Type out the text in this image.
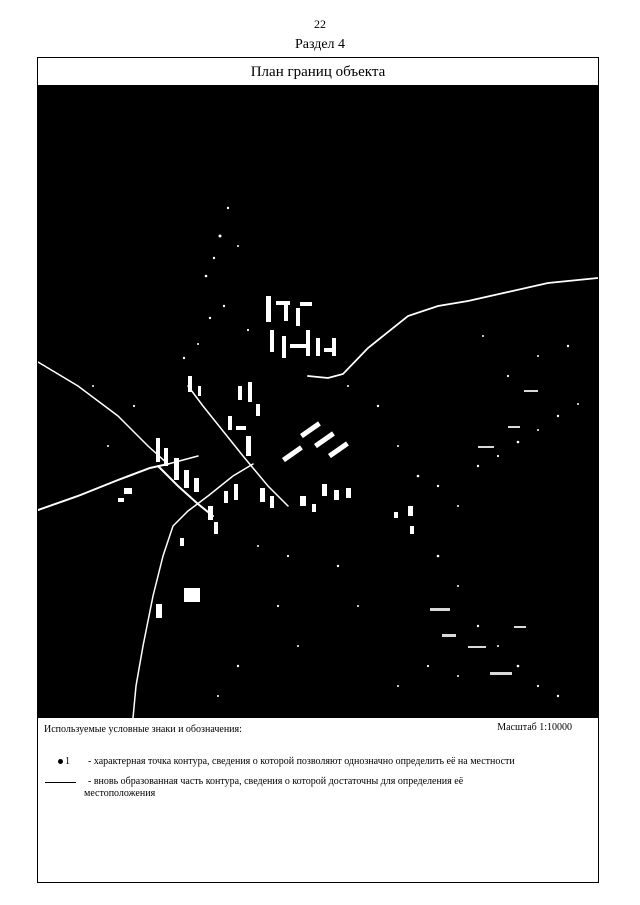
22
Раздел 4
План границ объекта
Используемые условные знаки и обозначения:	Масштаб 1:10000
1 - характерная точка контура, сведения о которой позволяют однозначно определить её на местности
- вновь образованная часть контура, сведения о которой достаточны для определения её
местоположения
